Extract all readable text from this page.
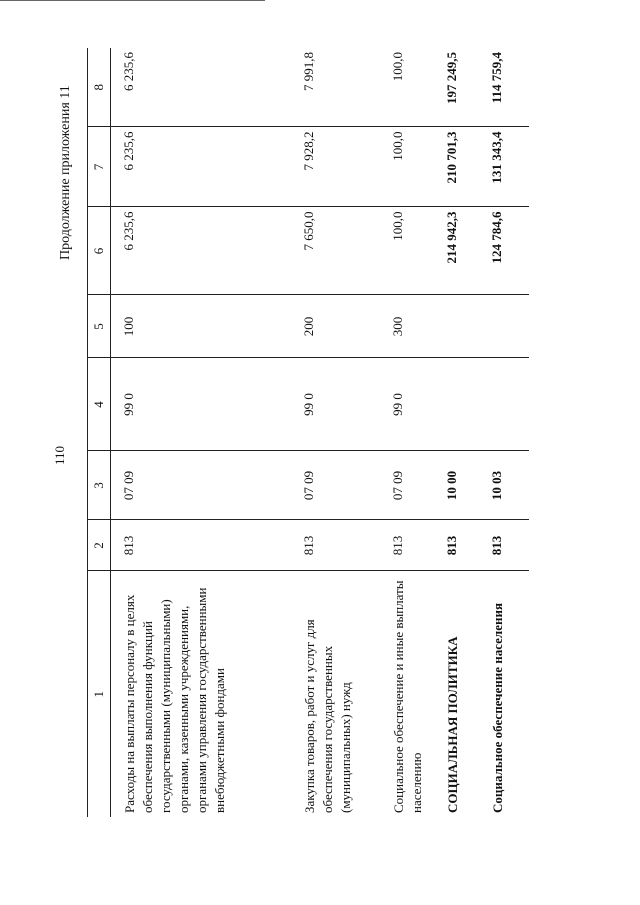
110
Продолжение приложения 11
1	2	3	4	5	6	7	8
Расходы на выплаты персоналу в целях обеспечения выполнения функций государственными (муниципальными) органами, казенными учреждениями, органами управления государственными внебюджетными фондами	813	07 09	99 0	100	6 235,6	6 235,6	6 235,6
Закупка товаров, работ и услуг для обеспечения государственных (муниципальных) нужд	813	07 09	99 0	200	7 650,0	7 928,2	7 991,8
Социальное обеспечение и иные выплаты населению	813	07 09	99 0	300	100,0	100,0	100,0
СОЦИАЛЬНАЯ ПОЛИТИКА	813	10 00			214 942,3	210 701,3	197 249,5
Социальное обеспечение населения	813	10 03			124 784,6	131 343,4	114 759,4
